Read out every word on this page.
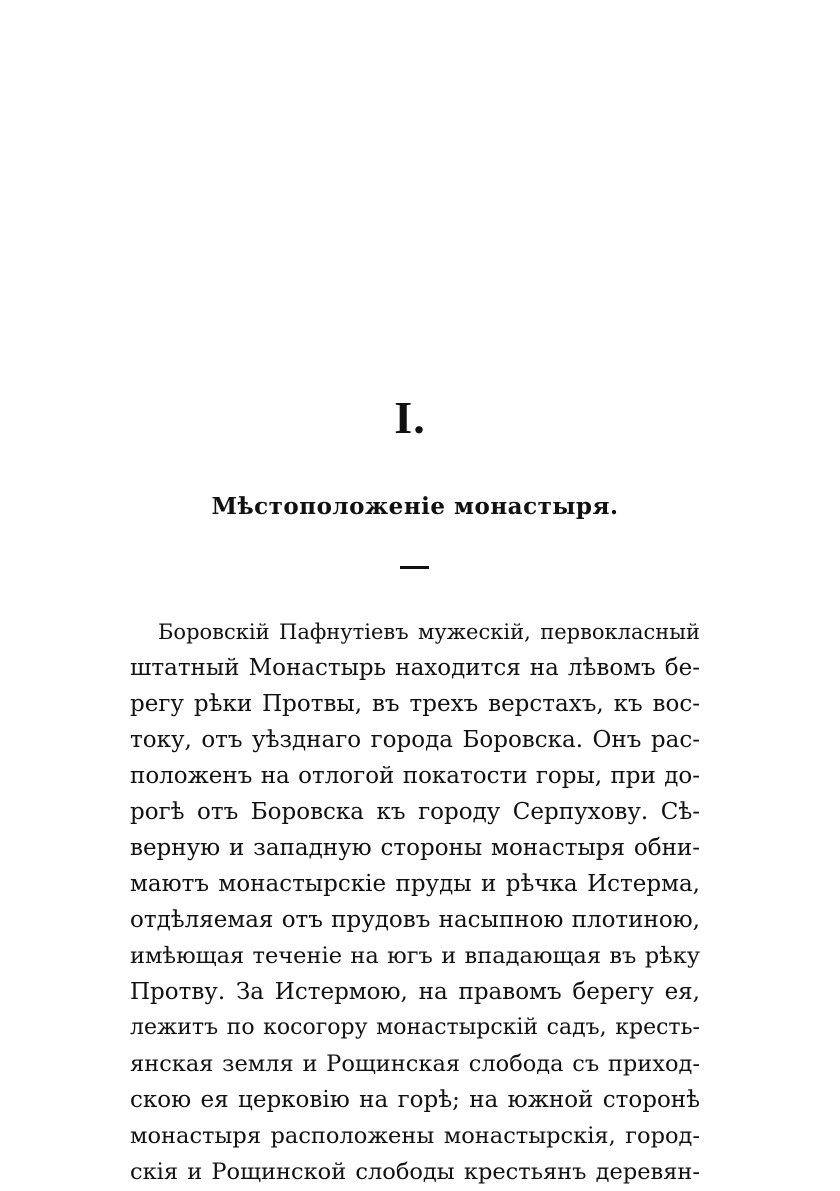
I.
Мѣстоположеніе монастыря.
Боровскій Пафнутіевъ мужескій, первокласный
штатный Монастырь находится на лѣвомъ бе-
регу рѣки Протвы, въ трехъ верстахъ, къ вос-
току, отъ уѣзднаго города Боровска. Онъ рас-
положенъ на отлогой покатости горы, при до-
рогѣ отъ Боровска къ городу Серпухову. Сѣ-
верную и западную стороны монастыря обни-
маютъ монастырскіе пруды и рѣчка Истерма,
отдѣляемая отъ прудовъ насыпною плотиною,
имѣющая теченіе на югъ и впадающая въ рѣку
Протву. За Истермою, на правомъ берегу ея,
лежитъ по косогору монастырскій садъ, кресть-
янская земля и Рощинская слобода съ приход-
скою ея церковію на горѣ; на южной сторонѣ
монастыря расположены монастырскія, город-
скія и Рощинской слободы крестьянъ деревян-
